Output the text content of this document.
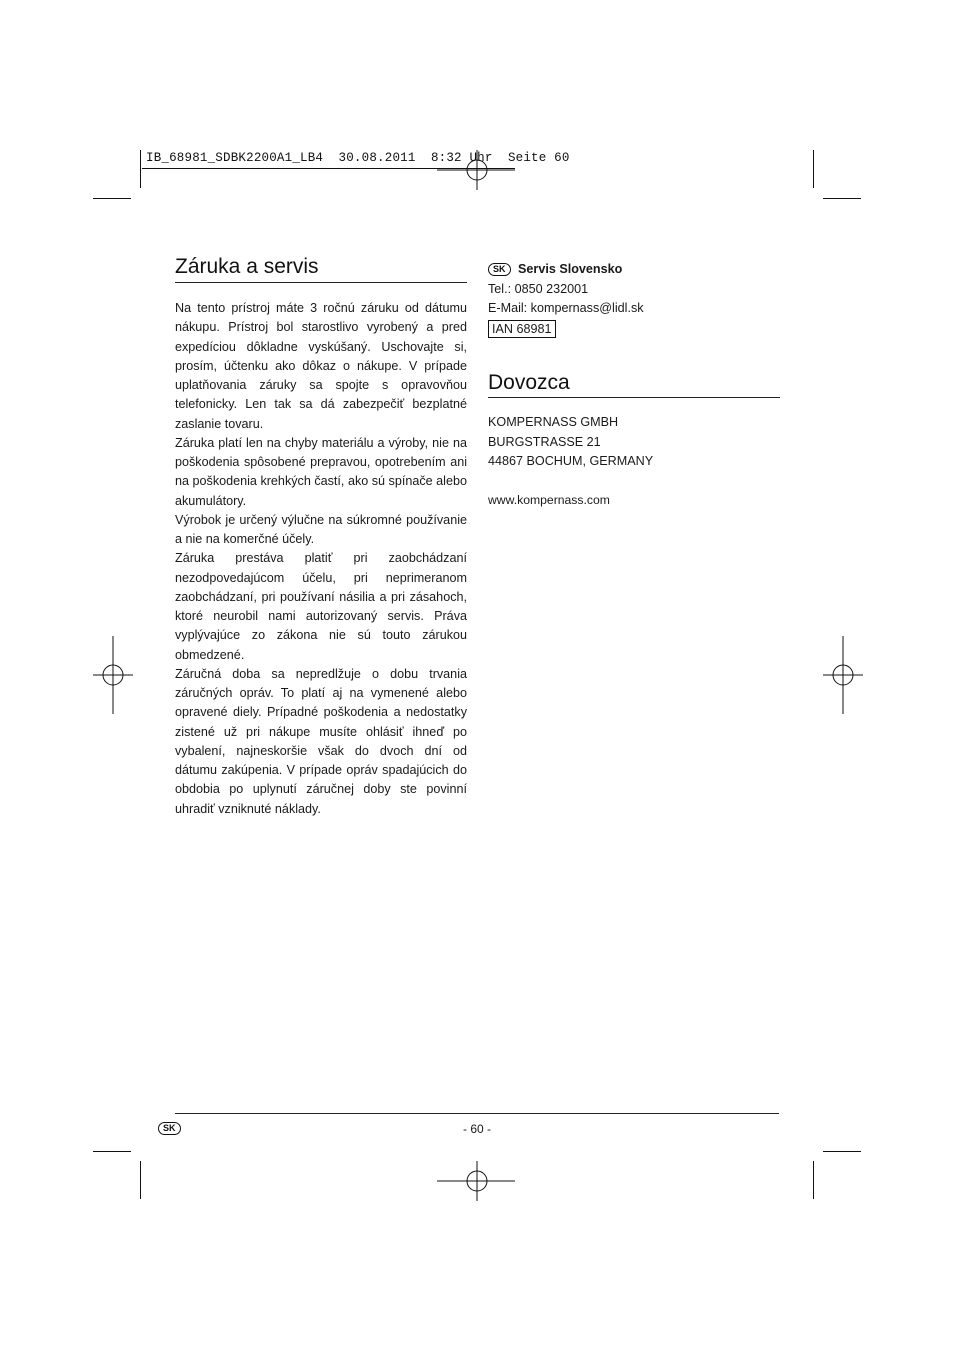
IB_68981_SDBK2200A1_LB4  30.08.2011  8:32 Uhr  Seite 60
Záruka a servis

Na tento prístroj máte 3 ročnú záruku od dátumu nákupu. Prístroj bol starostlivo vyrobený a pred expedíciou dôkladne vyskúšaný. Uschovajte si, prosím, účtenku ako dôkaz o nákupe. V prípade uplatňovania záruky sa spojte s opravovňou telefonicky. Len tak sa dá zabezpečiť bezplatné zaslanie tovaru.

Záruka platí len na chyby materiálu a výroby, nie na poškodenia spôsobené prepravou, opotrebením ani na poškodenia krehkých častí, ako sú spínače alebo akumulátory.

Výrobok je určený výlučne na súkromné používanie a nie na komerčné účely.

Záruka prestáva platiť pri zaobchádzaní nezodpovedajúcom účelu, pri neprimeranom zaobchádzaní, pri používaní násilia a pri zásahoch, ktoré neurobil nami autorizovaný servis. Práva vyplývajúce zo zákona nie sú touto zárukou obmedzené.

Záručná doba sa nepredlžuje o dobu trvania záručných opráv. To platí aj na vymenené alebo opravené diely. Prípadné poškodenia a nedostatky zistené už pri nákupe musíte ohlásiť ihneď po vybalení, najneskoršie však do dvoch dní od dátumu zakúpenia. V prípade opráv spadajúcich do obdobia po uplynutí záručnej doby ste povinní uhradiť vzniknuté náklady.

SK Servis Slovensko
Tel.: 0850 232001
E-Mail: kompernass@lidl.sk
IAN 68981
Dovozca
KOMPERNASS GMBH
BURGSTRASSE 21
44867 BOCHUM, GERMANY
www.kompernass.com
SK	- 60 -
